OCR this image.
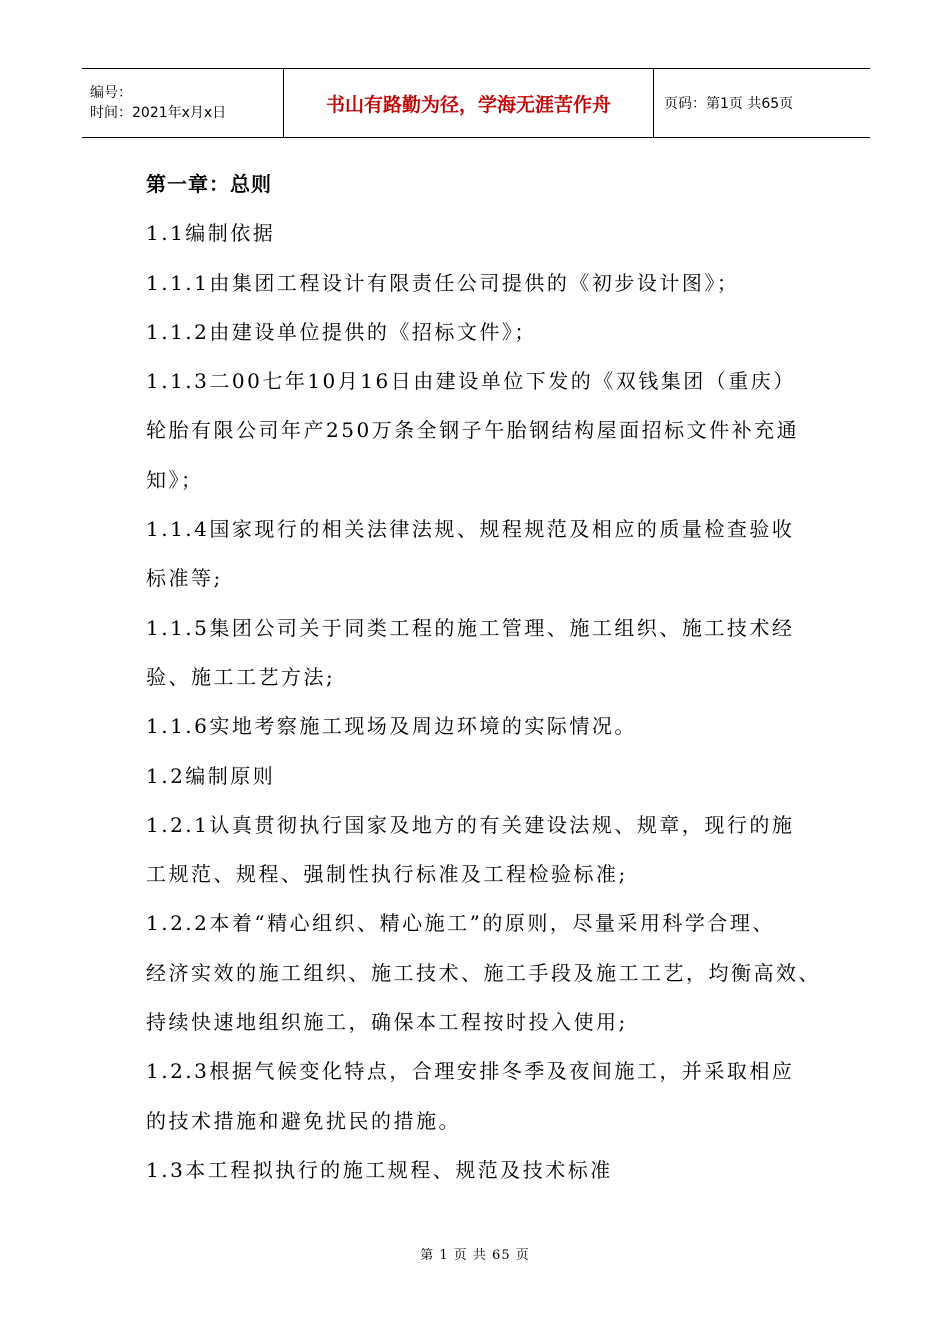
编号：
时间：2021年x月x日	书山有路勤为径，学海无涯苦作舟	页码：第1页 共65页
第一章：总则
1.1编制依据
1.1.1由集团工程设计有限责任公司提供的《初步设计图》；
1.1.2由建设单位提供的《招标文件》；
1.1.3二00七年10月16日由建设单位下发的《双钱集团（重庆）
轮胎有限公司年产250万条全钢子午胎钢结构屋面招标文件补充通
知》；
1.1.4国家现行的相关法律法规、规程规范及相应的质量检查验收
标准等;
1.1.5集团公司关于同类工程的施工管理、施工组织、施工技术经
验、施工工艺方法;
1.1.6实地考察施工现场及周边环境的实际情况。
1.2编制原则
1.2.1认真贯彻执行国家及地方的有关建设法规、规章，现行的施
工规范、规程、强制性执行标准及工程检验标准;
1.2.2本着“精心组织、精心施工”的原则，尽量采用科学合理、
经济实效的施工组织、施工技术、施工手段及施工工艺，均衡高效、
持续快速地组织施工，确保本工程按时投入使用;
1.2.3根据气候变化特点，合理安排冬季及夜间施工，并采取相应
的技术措施和避免扰民的措施。
1.3本工程拟执行的施工规程、规范及技术标准
第 1 页 共 65 页
